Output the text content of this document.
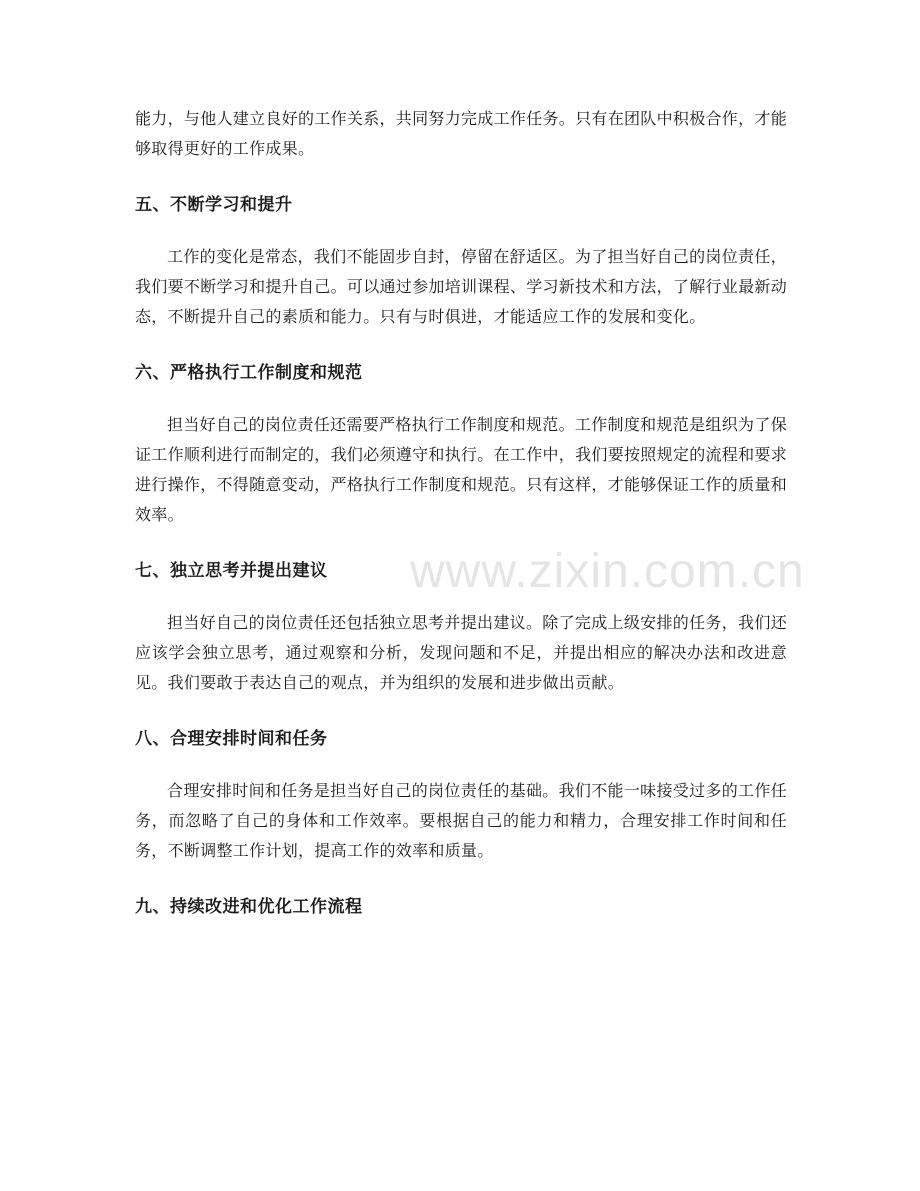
能力，与他人建立良好的工作关系，共同努力完成工作任务。只有在团队中积极合作，才能够取得更好的工作成果。

五、不断学习和提升

工作的变化是常态，我们不能固步自封，停留在舒适区。为了担当好自己的岗位责任，我们要不断学习和提升自己。可以通过参加培训课程、学习新技术和方法，了解行业最新动态，不断提升自己的素质和能力。只有与时俱进，才能适应工作的发展和变化。

六、严格执行工作制度和规范

担当好自己的岗位责任还需要严格执行工作制度和规范。工作制度和规范是组织为了保证工作顺利进行而制定的，我们必须遵守和执行。在工作中，我们要按照规定的流程和要求进行操作，不得随意变动，严格执行工作制度和规范。只有这样，才能够保证工作的质量和效率。

七、独立思考并提出建议

担当好自己的岗位责任还包括独立思考并提出建议。除了完成上级安排的任务，我们还应该学会独立思考，通过观察和分析，发现问题和不足，并提出相应的解决办法和改进意见。我们要敢于表达自己的观点，并为组织的发展和进步做出贡献。

八、合理安排时间和任务

合理安排时间和任务是担当好自己的岗位责任的基础。我们不能一味接受过多的工作任务，而忽略了自己的身体和工作效率。要根据自己的能力和精力，合理安排工作时间和任务，不断调整工作计划，提高工作的效率和质量。

九、持续改进和优化工作流程
www.zixin.com.cn
